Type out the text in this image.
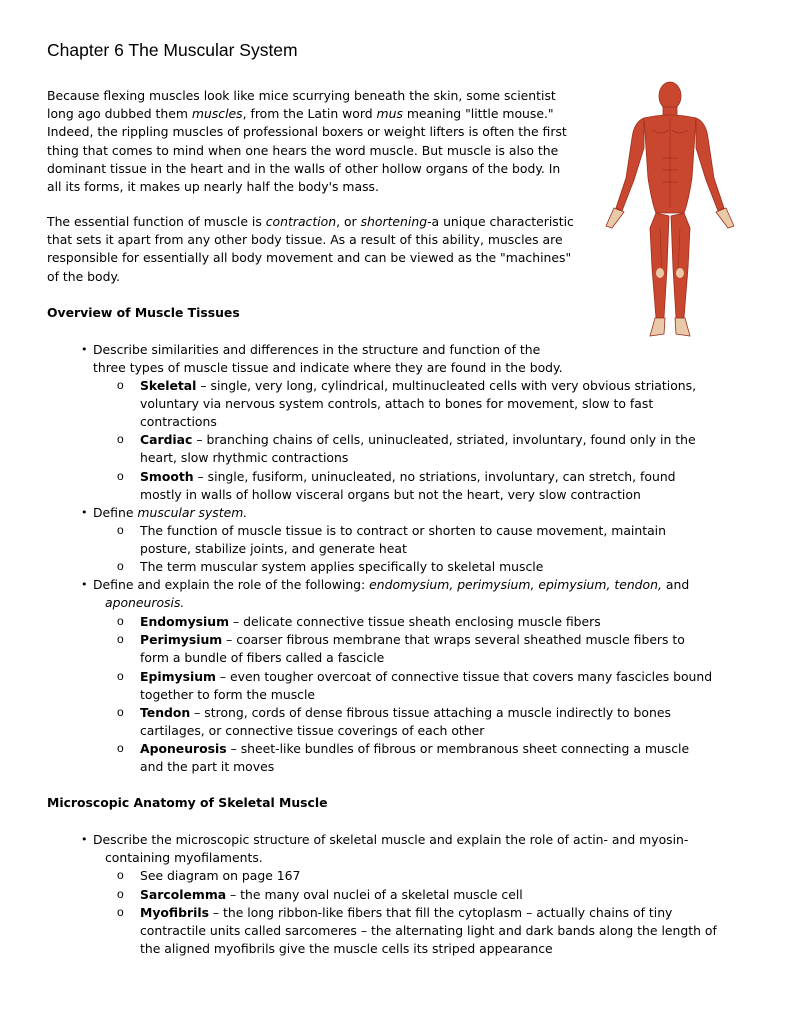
Chapter 6 The Muscular System
Because flexing muscles look like mice scurrying beneath the skin, some scientist
long ago dubbed them muscles, from the Latin word mus meaning "little mouse."
Indeed, the rippling muscles of professional boxers or weight lifters is often the first
thing that comes to mind when one hears the word muscle. But muscle is also the
dominant tissue in the heart and in the walls of other hollow organs of the body. In
all its forms, it makes up nearly half the body's mass.
The essential function of muscle is contraction, or shortening-a unique characteristic
that sets it apart from any other body tissue. As a result of this ability, muscles are
responsible for essentially all body movement and can be viewed as the "machines"
of the body.
Overview of Muscle Tissues
• Describe similarities and differences in the structure and function of the
three types of muscle tissue and indicate where they are found in the body.
o Skeletal – single, very long, cylindrical, multinucleated cells with very obvious striations,
voluntary via nervous system controls, attach to bones for movement, slow to fast
contractions
o Cardiac – branching chains of cells, uninucleated, striated, involuntary, found only in the
heart, slow rhythmic contractions
o Smooth – single, fusiform, uninucleated, no striations, involuntary, can stretch, found
mostly in walls of hollow visceral organs but not the heart, very slow contraction
• Define muscular system.
o The function of muscle tissue is to contract or shorten to cause movement, maintain
posture, stabilize joints, and generate heat
o The term muscular system applies specifically to skeletal muscle
• Define and explain the role of the following: endomysium, perimysium, epimysium, tendon, and
aponeurosis.
o Endomysium – delicate connective tissue sheath enclosing muscle fibers
o Perimysium – coarser fibrous membrane that wraps several sheathed muscle fibers to
form a bundle of fibers called a fascicle
o Epimysium – even tougher overcoat of connective tissue that covers many fascicles bound
together to form the muscle
o Tendon – strong, cords of dense fibrous tissue attaching a muscle indirectly to bones
cartilages, or connective tissue coverings of each other
o Aponeurosis – sheet-like bundles of fibrous or membranous sheet connecting a muscle
and the part it moves
Microscopic Anatomy of Skeletal Muscle
• Describe the microscopic structure of skeletal muscle and explain the role of actin- and myosin-
containing myofilaments.
o See diagram on page 167
o Sarcolemma – the many oval nuclei of a skeletal muscle cell
o Myofibrils – the long ribbon-like fibers that fill the cytoplasm – actually chains of tiny
contractile units called sarcomeres – the alternating light and dark bands along the length of
the aligned myofibrils give the muscle cells its striped appearance
